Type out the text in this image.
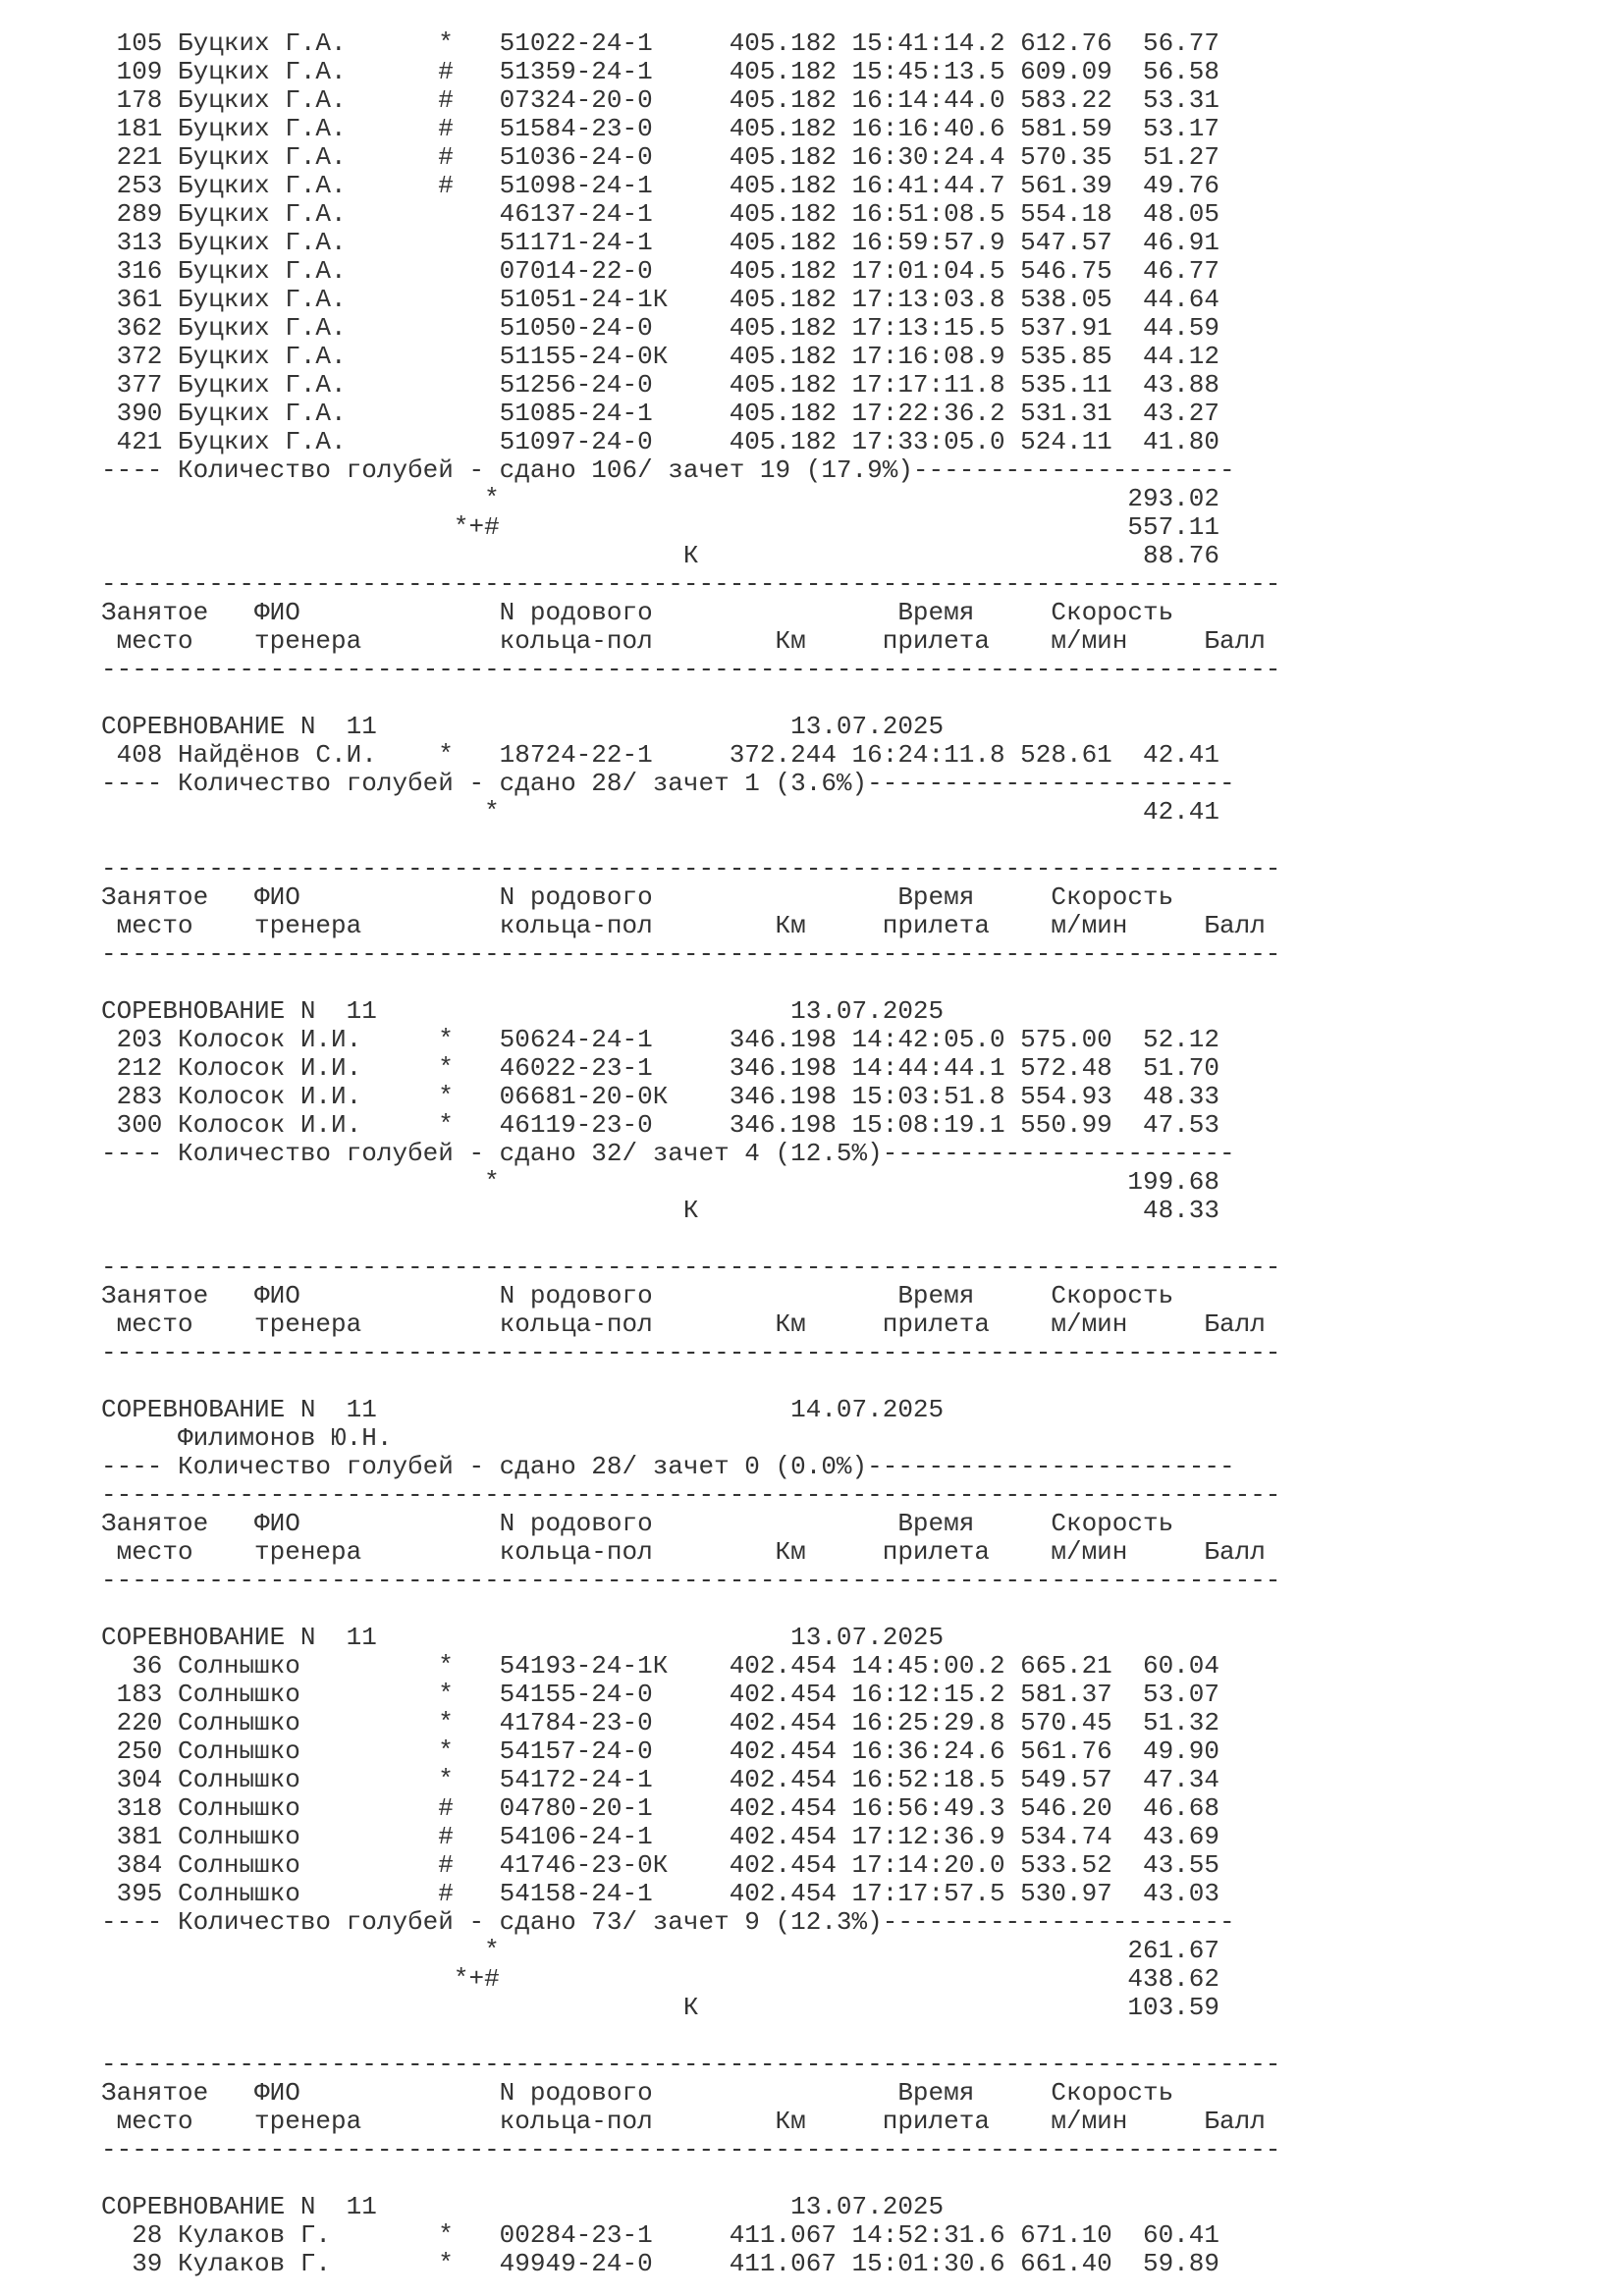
105 Буцких Г.А.      *   51022-24-1     405.182 15:41:14.2 612.76  56.77
109 Буцких Г.А.      #   51359-24-1     405.182 15:45:13.5 609.09  56.58
178 Буцких Г.А.      #   07324-20-0     405.182 16:14:44.0 583.22  53.31
181 Буцких Г.А.      #   51584-23-0     405.182 16:16:40.6 581.59  53.17
221 Буцких Г.А.      #   51036-24-0     405.182 16:30:24.4 570.35  51.27
253 Буцких Г.А.      #   51098-24-1     405.182 16:41:44.7 561.39  49.76
289 Буцких Г.А.          46137-24-1     405.182 16:51:08.5 554.18  48.05
313 Буцких Г.А.          51171-24-1     405.182 16:59:57.9 547.57  46.91
316 Буцких Г.А.          07014-22-0     405.182 17:01:04.5 546.75  46.77
361 Буцких Г.А.          51051-24-1К    405.182 17:13:03.8 538.05  44.64
362 Буцких Г.А.          51050-24-0     405.182 17:13:15.5 537.91  44.59
372 Буцких Г.А.          51155-24-0К    405.182 17:16:08.9 535.85  44.12
377 Буцких Г.А.          51256-24-0     405.182 17:17:11.8 535.11  43.88
390 Буцких Г.А.          51085-24-1     405.182 17:22:36.2 531.31  43.27
421 Буцких Г.А.          51097-24-0     405.182 17:33:05.0 524.11  41.80
---- Количество голубей - сдано 106/ зачет 19 (17.9%)---------------------
*                                         293.02
*+#                                         557.11
К                             88.76
-----------------------------------------------------------------------------
Занятое   ФИО             N родового                Время     Скорость
место    тренера         кольца-пол        Км     прилета    м/мин     Балл
-----------------------------------------------------------------------------

СОРЕВНОВАНИЕ N  11                           13.07.2025
408 Найдёнов С.И.    *   18724-22-1     372.244 16:24:11.8 528.61  42.41
---- Количество голубей - сдано 28/ зачет 1 (3.6%)------------------------
*                                          42.41

-----------------------------------------------------------------------------
Занятое   ФИО             N родового                Время     Скорость
место    тренера         кольца-пол        Км     прилета    м/мин     Балл
-----------------------------------------------------------------------------

СОРЕВНОВАНИЕ N  11                           13.07.2025
203 Колосок И.И.     *   50624-24-1     346.198 14:42:05.0 575.00  52.12
212 Колосок И.И.     *   46022-23-1     346.198 14:44:44.1 572.48  51.70
283 Колосок И.И.     *   06681-20-0К    346.198 15:03:51.8 554.93  48.33
300 Колосок И.И.     *   46119-23-0     346.198 15:08:19.1 550.99  47.53
---- Количество голубей - сдано 32/ зачет 4 (12.5%)-----------------------
*                                         199.68
К                             48.33

-----------------------------------------------------------------------------
Занятое   ФИО             N родового                Время     Скорость
место    тренера         кольца-пол        Км     прилета    м/мин     Балл
-----------------------------------------------------------------------------

СОРЕВНОВАНИЕ N  11                           14.07.2025
Филимонов Ю.Н.
---- Количество голубей - сдано 28/ зачет 0 (0.0%)------------------------
-----------------------------------------------------------------------------
Занятое   ФИО             N родового                Время     Скорость
место    тренера         кольца-пол        Км     прилета    м/мин     Балл
-----------------------------------------------------------------------------

СОРЕВНОВАНИЕ N  11                           13.07.2025
36 Солнышко         *   54193-24-1К    402.454 14:45:00.2 665.21  60.04
183 Солнышко         *   54155-24-0     402.454 16:12:15.2 581.37  53.07
220 Солнышко         *   41784-23-0     402.454 16:25:29.8 570.45  51.32
250 Солнышко         *   54157-24-0     402.454 16:36:24.6 561.76  49.90
304 Солнышко         *   54172-24-1     402.454 16:52:18.5 549.57  47.34
318 Солнышко         #   04780-20-1     402.454 16:56:49.3 546.20  46.68
381 Солнышко         #   54106-24-1     402.454 17:12:36.9 534.74  43.69
384 Солнышко         #   41746-23-0К    402.454 17:14:20.0 533.52  43.55
395 Солнышко         #   54158-24-1     402.454 17:17:57.5 530.97  43.03
---- Количество голубей - сдано 73/ зачет 9 (12.3%)-----------------------
*                                         261.67
*+#                                         438.62
К                            103.59

-----------------------------------------------------------------------------
Занятое   ФИО             N родового                Время     Скорость
место    тренера         кольца-пол        Км     прилета    м/мин     Балл
-----------------------------------------------------------------------------

СОРЕВНОВАНИЕ N  11                           13.07.2025
28 Кулаков Г.       *   00284-23-1     411.067 14:52:31.6 671.10  60.41
39 Кулаков Г.       *   49949-24-0     411.067 15:01:30.6 661.40  59.89
